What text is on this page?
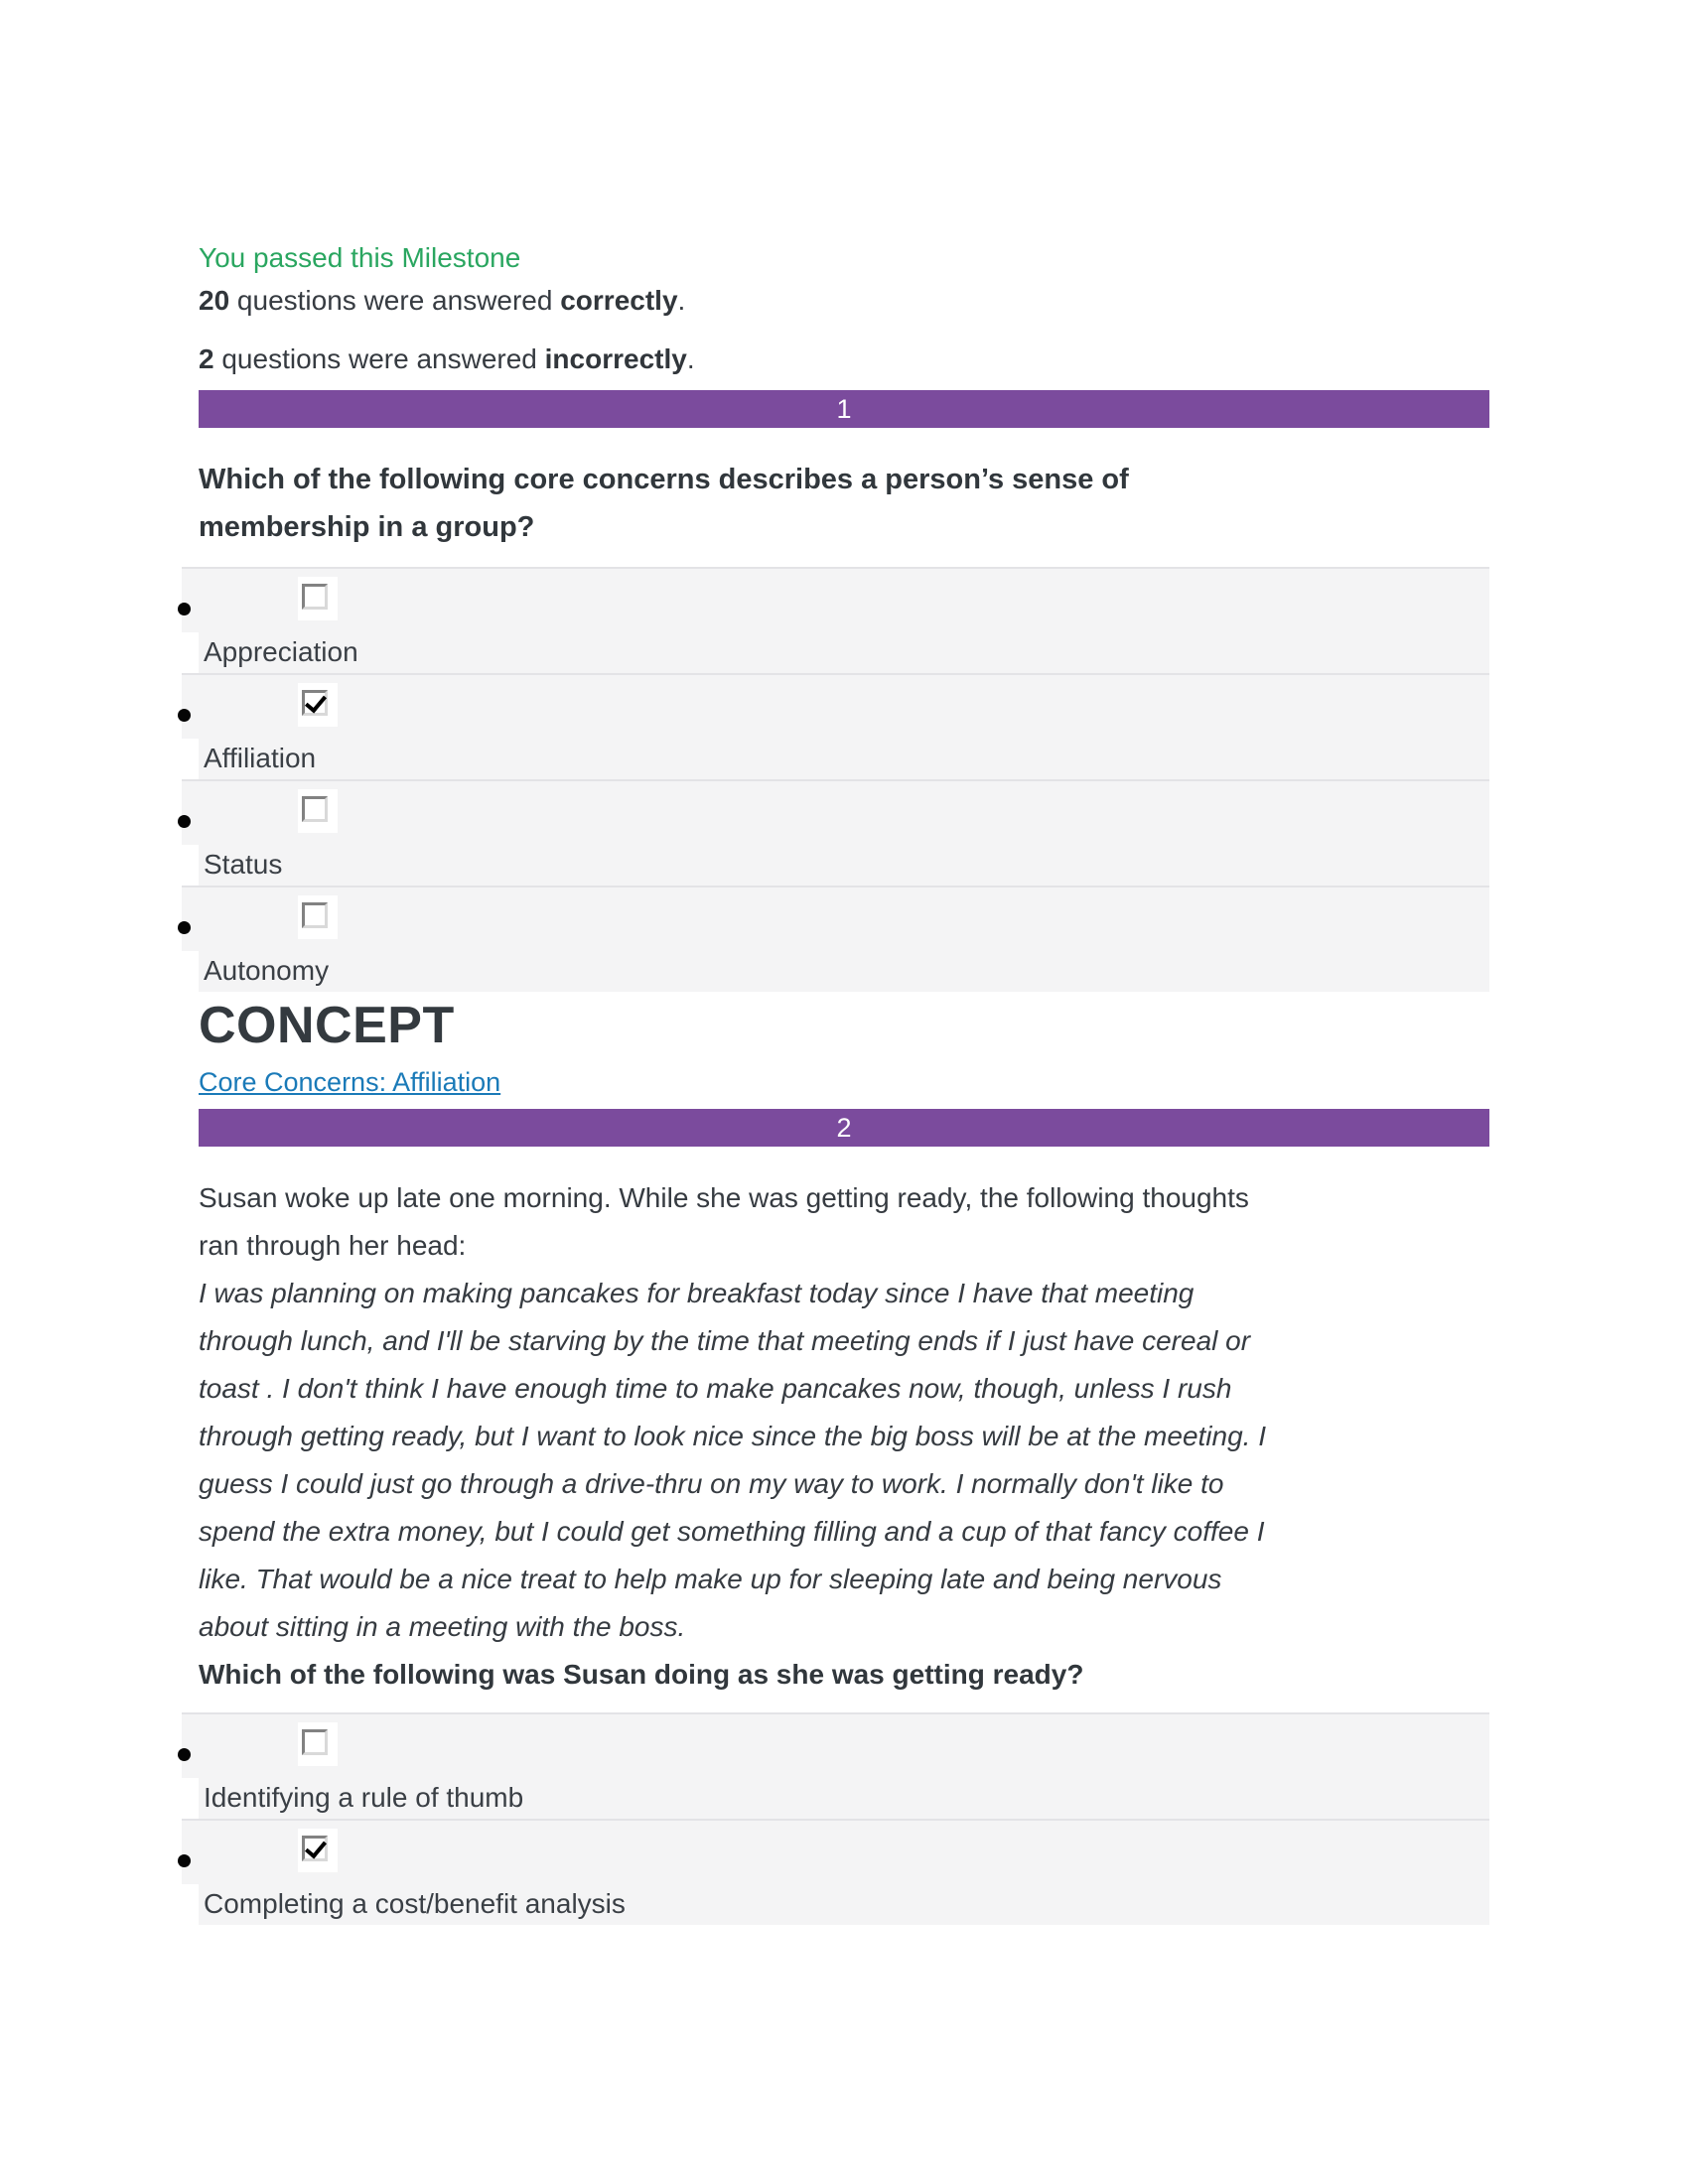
You passed this Milestone

20 questions were answered correctly.

2 questions were answered incorrectly.

1
Which of the following core concerns describes a person’s sense of membership in a group?
Appreciation
Affiliation
Status
Autonomy
CONCEPT
Core Concerns: Affiliation
2
Susan woke up late one morning. While she was getting ready, the following thoughts ran through her head:
I was planning on making pancakes for breakfast today since I have that meeting through lunch, and I'll be starving by the time that meeting ends if I just have cereal or toast . I don't think I have enough time to make pancakes now, though, unless I rush through getting ready, but I want to look nice since the big boss will be at the meeting. I guess I could just go through a drive-thru on my way to work. I normally don't like to spend the extra money, but I could get something filling and a cup of that fancy coffee I like. That would be a nice treat to help make up for sleeping late and being nervous about sitting in a meeting with the boss.
Which of the following was Susan doing as she was getting ready?
Identifying a rule of thumb
Completing a cost/benefit analysis
